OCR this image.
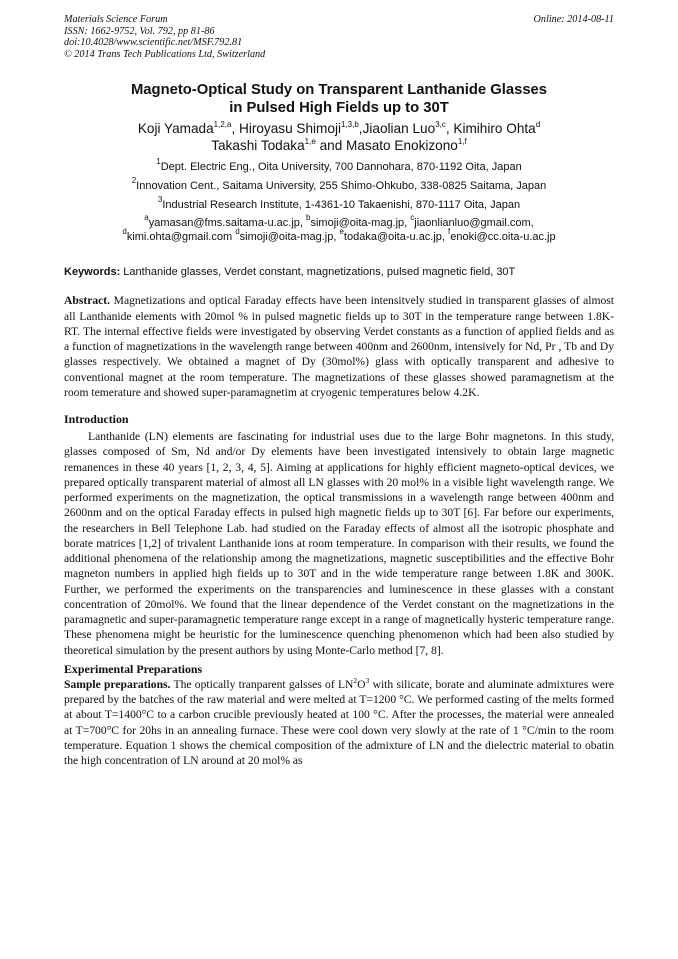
Materials Science Forum
ISSN: 1662-9752, Vol. 792, pp 81-86
doi:10.4028/www.scientific.net/MSF.792.81
© 2014 Trans Tech Publications Ltd, Switzerland
Online: 2014-08-11
Magneto-Optical Study on Transparent Lanthanide Glasses
in Pulsed High Fields up to 30T
Koji Yamada$^{1,2,a}$, Hiroyasu Shimoji$^{1,3,b}$,Jiaolian Luo$^{3,c}$, Kimihiro Ohta$^d$
Takashi Todaka$^{1,e}$ and Masato Enokizono$^{1,f}$

$^1$Dept. Electric Eng., Oita University, 700 Dannohara, 870-1192 Oita, Japan

$^2$Innovation Cent., Saitama University, 255 Shimo-Ohkubo, 338-0825 Saitama, Japan

$^3$Industrial Research Institute, 1-4361-10 Takaenishi, 870-1117 Oita, Japan

$^a$yamasan@fms.saitama-u.ac.jp, $^b$simoji@oita-mag.jp, $^c$jiaonlianluo@gmail.com,
$^d$kimi.ohta@gmail.com $^d$simoji@oita-mag.jp, $^e$todaka@oita-u.ac.jp, $^f$enoki@cc.oita-u.ac.jp
Keywords: Lanthanide glasses, Verdet constant, magnetizations, pulsed magnetic field, 30T
Abstract. Magnetizations and optical Faraday effects have been intensitvely studied in transparent glasses of almost all Lanthanide elements with 20mol % in pulsed magnetic fields up to 30T in the temperature range between 1.8K- RT. The internal effective fields were investigated by observing Verdet constants as a function of applied fields and as a function of magnetizations in the wavelength range between 400nm and 2600nm, intensively for Nd, Pr , Tb and Dy glasses respectively. We obtained a magnet of Dy (30mol%) glass with optically transparent and adhesive to conventional magnet at the room temperature. The magnetizations of these glasses showed paramagnetism at the room temerature and showed super-paramagnetim at cryogenic temperatures below 4.2K.
Introduction

Lanthanide (LN) elements are fascinating for industrial uses due to the large Bohr magnetons. In this study, glasses composed of Sm, Nd and/or Dy elements have been investigated intensively to obtain large magnetic remanences in these 40 years [1, 2, 3, 4, 5]. Aiming at applications for highly efficient magneto-optical devices, we prepared optically transparent material of almost all LN glasses with 20 mol% in a visible light wavelength range. We performed experiments on the magnetization, the optical transmissions in a wavelength range between 400nm and 2600nm and on the optical Faraday effects in pulsed high magnetic fields up to 30T [6]. Far before our experiments, the researchers in Bell Telephone Lab. had studied on the Faraday effects of almost all the isotropic phosphate and borate matrices [1,2] of trivalent Lanthanide ions at room temperature. In comparison with their results, we found the additional phenomena of the relationship among the magnetizations, magnetic susceptibilities and the effective Bohr magneton numbers in applied high fields up to 30T and in the wide temperature range between 1.8K and 300K. Further, we performed the experiments on the transparencies and luminescence in these glasses with a constant concentration of 20mol%. We found that the linear dependence of the Verdet constant on the magnetizations in the paramagnetic and super-paramagnetic temperature range except in a range of magnetically hysteric temperature range. These phenomena might be heuristic for the luminescence quenching phenomenon which had been also studied by theoretical simulation by the present authors by using Monte-Carlo method [7, 8].

Experimental Preparations

Sample preparations. The optically tranparent galsses of $LN^2O^3$ with silicate, borate and aluminate admixtures were prepared by the batches of the raw material and were melted at T=1200 °C. We performed casting of the melts formed at about T=1400°C to a carbon crucible previously heated at 100 °C. After the processes, the material were annealed at T=700°C for 20hs in an annealing furnace. These were cool down very slowly at the rate of 1 °C/min to the room temperature. Equation 1 shows the chemical composition of the admixture of LN and the dielectric material to obatin the high concentration of LN around at 20 mol% as
